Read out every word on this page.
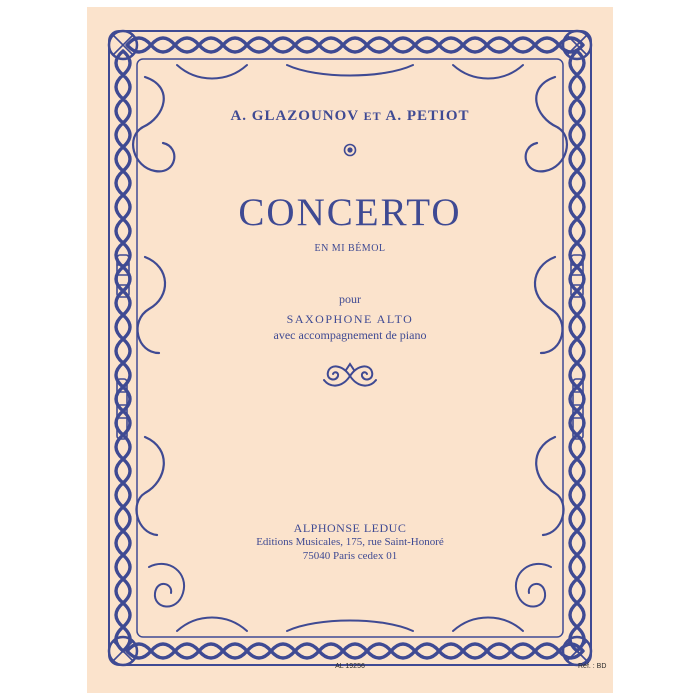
A. GLAZOUNOV ET A. PETIOT
CONCERTO
EN MI BÉMOL
pour
SAXOPHONE ALTO
avec accompagnement de piano
ALPHONSE LEDUC
Editions Musicales, 175, rue Saint-Honoré
75040 Paris cedex 01
AL 19256	Réf. : BD
